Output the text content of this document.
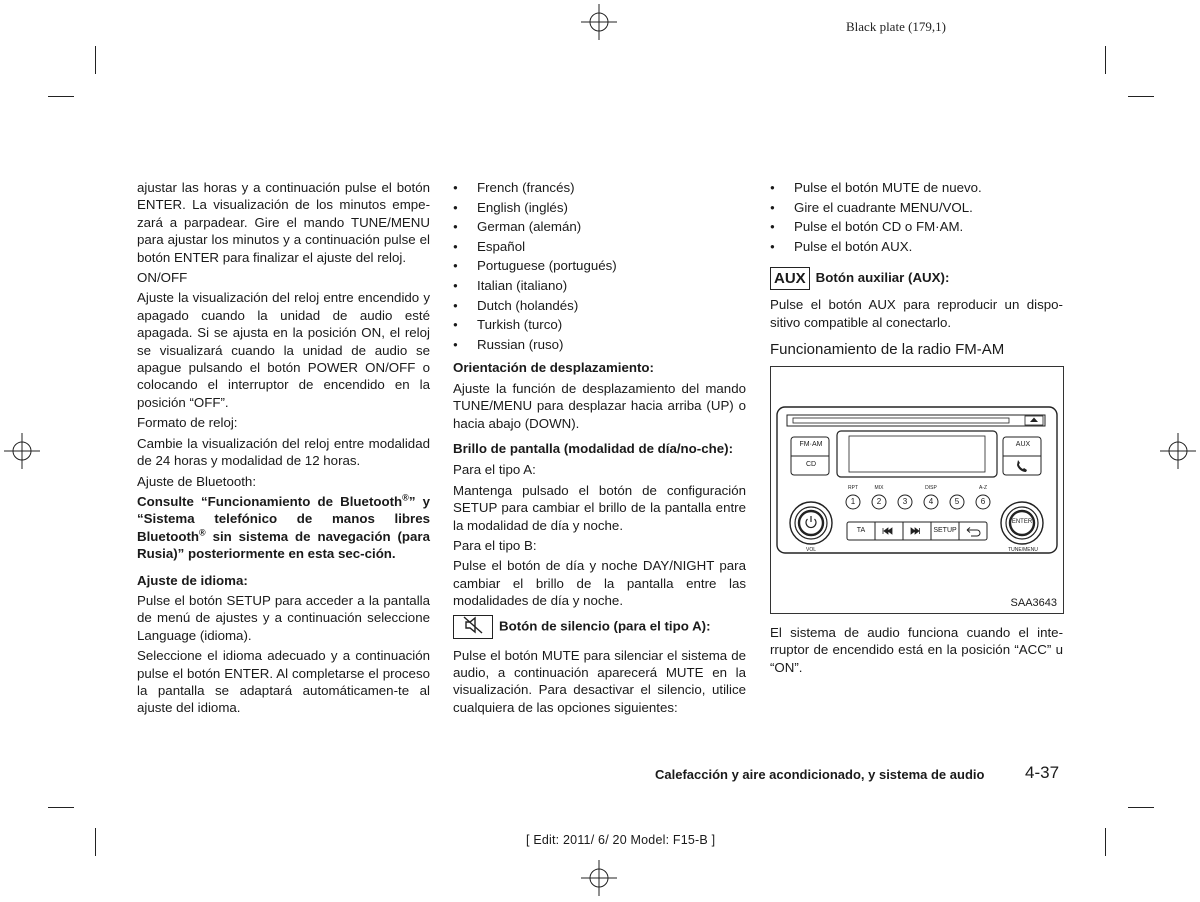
Black plate (179,1)

ajustar las horas y a continuación pulse el botón ENTER. La visualización de los minutos empe-zará a parpadear. Gire el mando TUNE/MENU para ajustar los minutos y a continuación pulse el botón ENTER para finalizar el ajuste del reloj.

ON/OFF

Ajuste la visualización del reloj entre encendido y apagado cuando la unidad de audio esté apagada. Si se ajusta en la posición ON, el reloj se visualizará cuando la unidad de audio se apague pulsando el botón POWER ON/OFF o colocando el interruptor de encendido en la posición “OFF”.

Formato de reloj:

Cambie la visualización del reloj entre modalidad de 24 horas y modalidad de 12 horas.

Ajuste de Bluetooth:

Consulte “Funcionamiento de Bluetooth®” y “Sistema telefónico de manos libres Bluetooth® sin sistema de navegación (para Rusia)” posteriormente en esta sec-ción.

Ajuste de idioma:

Pulse el botón SETUP para acceder a la pantalla de menú de ajustes y a continuación seleccione Language (idioma).

Seleccione el idioma adecuado y a continuación pulse el botón ENTER. Al completarse el proceso la pantalla se adaptará automáticamen-te al ajuste del idioma.

● French (francés)
● English (inglés)
● German (alemán)
● Español
● Portuguese (portugués)
● Italian (italiano)
● Dutch (holandés)
● Turkish (turco)
● Russian (ruso)

Orientación de desplazamiento:

Ajuste la función de desplazamiento del mando TUNE/MENU para desplazar hacia arriba (UP) o hacia abajo (DOWN).

Brillo de pantalla (modalidad de día/no-che):

Para el tipo A:

Mantenga pulsado el botón de configuración SETUP para cambiar el brillo de la pantalla entre la modalidad de día y noche.

Para el tipo B:

Pulse el botón de día y noche DAY/NIGHT para cambiar el brillo de la pantalla entre las modalidades de día y noche.

Botón de silencio (para el tipo A):

Pulse el botón MUTE para silenciar el sistema de audio, a continuación aparecerá MUTE en la visualización. Para desactivar el silencio, utilice cualquiera de las opciones siguientes:

● Pulse el botón MUTE de nuevo.
● Gire el cuadrante MENU/VOL.
● Pulse el botón CD o FM·AM.
● Pulse el botón AUX.

AUX Botón auxiliar (AUX):

Pulse el botón AUX para reproducir un dispo-sitivo compatible al conectarlo.

Funcionamiento de la radio FM-AM

FM·AM
CD
AUX
RPT	MIX	DISP	A-Z
1	2	3	4	5	6
TA	SETUP
ENTER
VOL	TUNE/MENU
SAA3643

El sistema de audio funciona cuando el inte-rruptor de encendido está en la posición “ACC” u “ON”.

Calefacción y aire acondicionado, y sistema de audio 4-37
[ Edit: 2011/ 6/ 20 Model: F15-B ]
